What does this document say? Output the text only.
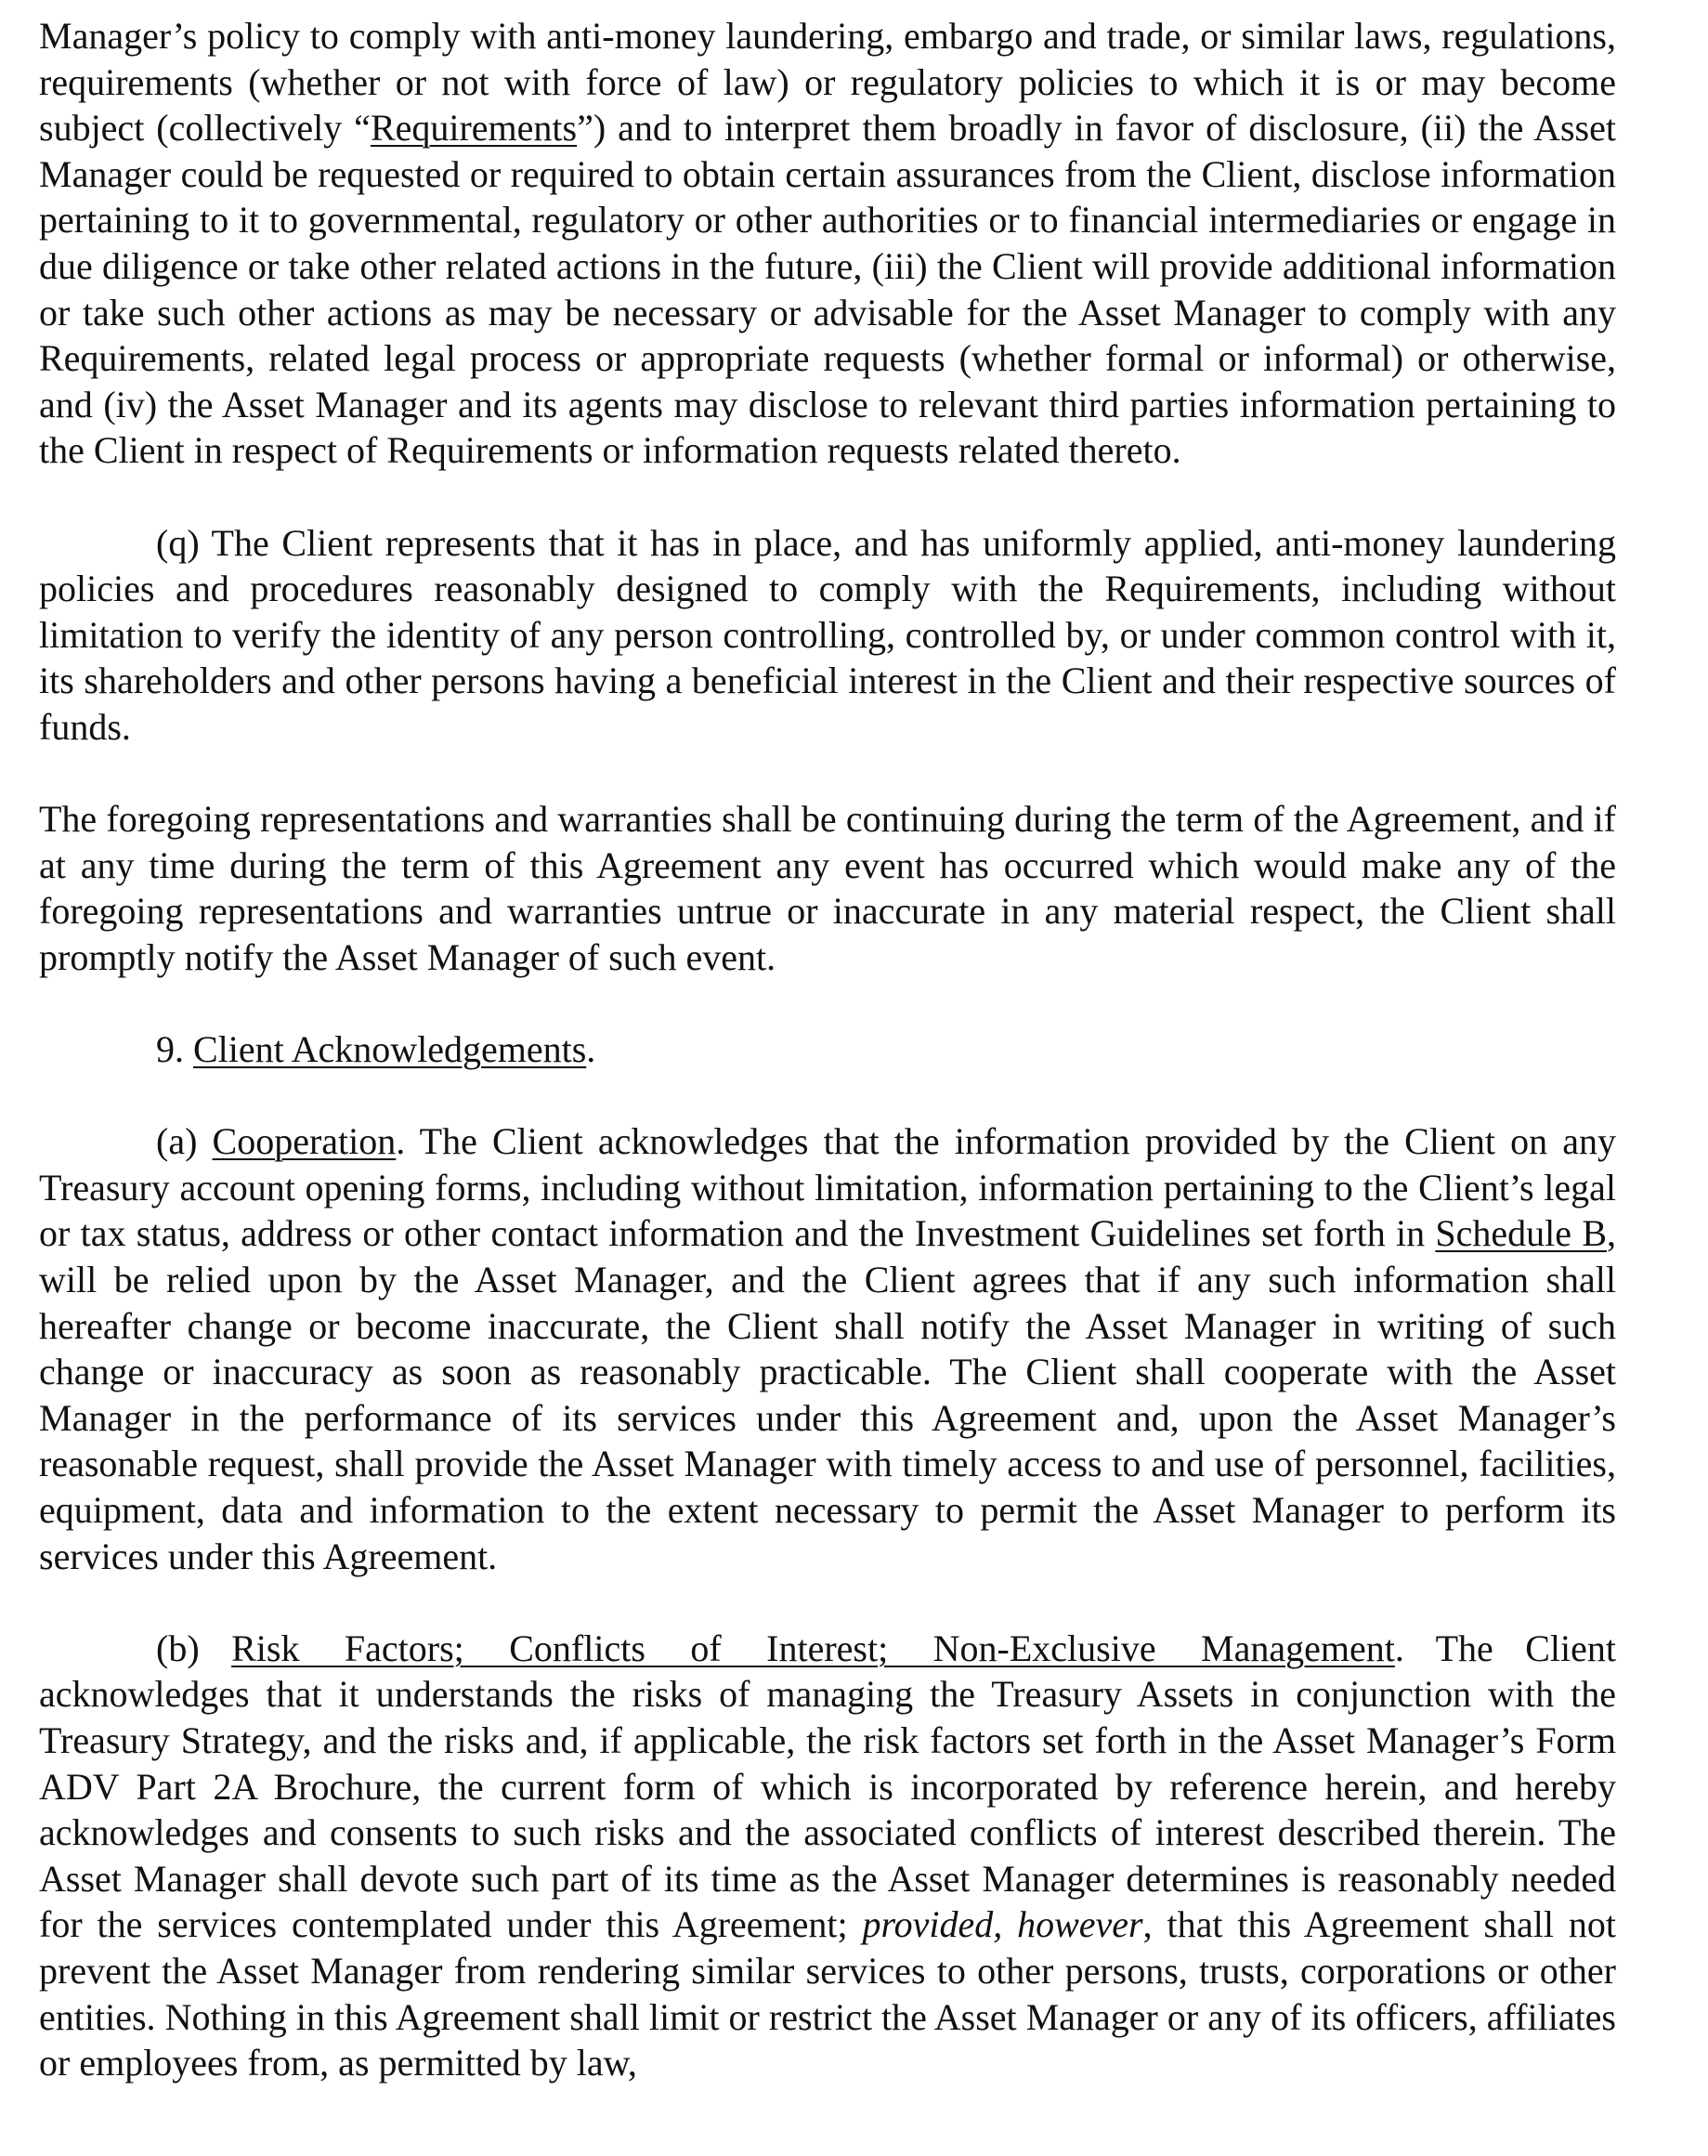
Manager’s policy to comply with anti-money laundering, embargo and trade, or similar laws, regulations, requirements (whether or not with force of law) or regulatory policies to which it is or may become subject (collectively “Requirements”) and to interpret them broadly in favor of disclosure, (ii) the Asset Manager could be requested or required to obtain certain assurances from the Client, disclose information pertaining to it to governmental, regulatory or other authorities or to financial intermediaries or engage in due diligence or take other related actions in the future, (iii) the Client will provide additional information or take such other actions as may be necessary or advisable for the Asset Manager to comply with any Requirements, related legal process or appropriate requests (whether formal or informal) or otherwise, and (iv) the Asset Manager and its agents may disclose to relevant third parties information pertaining to the Client in respect of Requirements or information requests related thereto.

(q) The Client represents that it has in place, and has uniformly applied, anti-money laundering policies and procedures reasonably designed to comply with the Requirements, including without limitation to verify the identity of any person controlling, controlled by, or under common control with it, its shareholders and other persons having a beneficial interest in the Client and their respective sources of funds.

The foregoing representations and warranties shall be continuing during the term of the Agreement, and if at any time during the term of this Agreement any event has occurred which would make any of the foregoing representations and warranties untrue or inaccurate in any material respect, the Client shall promptly notify the Asset Manager of such event.

9. Client Acknowledgements.

(a) Cooperation. The Client acknowledges that the information provided by the Client on any Treasury account opening forms, including without limitation, information pertaining to the Client’s legal or tax status, address or other contact information and the Investment Guidelines set forth in Schedule B, will be relied upon by the Asset Manager, and the Client agrees that if any such information shall hereafter change or become inaccurate, the Client shall notify the Asset Manager in writing of such change or inaccuracy as soon as reasonably practicable. The Client shall cooperate with the Asset Manager in the performance of its services under this Agreement and, upon the Asset Manager’s reasonable request, shall provide the Asset Manager with timely access to and use of personnel, facilities, equipment, data and information to the extent necessary to permit the Asset Manager to perform its services under this Agreement.

(b) Risk Factors; Conflicts of Interest; Non-Exclusive Management. The Client acknowledges that it understands the risks of managing the Treasury Assets in conjunction with the Treasury Strategy, and the risks and, if applicable, the risk factors set forth in the Asset Manager’s Form ADV Part 2A Brochure, the current form of which is incorporated by reference herein, and hereby acknowledges and consents to such risks and the associated conflicts of interest described therein. The Asset Manager shall devote such part of its time as the Asset Manager determines is reasonably needed for the services contemplated under this Agreement; provided, however, that this Agreement shall not prevent the Asset Manager from rendering similar services to other persons, trusts, corporations or other entities. Nothing in this Agreement shall limit or restrict the Asset Manager or any of its officers, affiliates or employees from, as permitted by law,
